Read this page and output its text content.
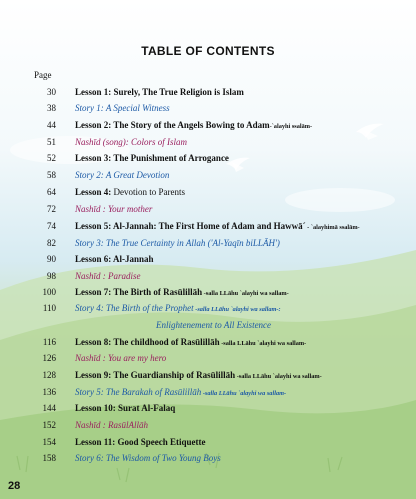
TABLE OF CONTENTS
Page
30 Lesson 1: Surely, The True Religion is Islam
38 Story 1: A Special Witness
44 Lesson 2: The Story of the Angels Bowing to Adam-`alayhi ssalām-
51 Nashīd (song): Colors of Islam
52 Lesson 3: The Punishment of Arrogance
58 Story 2: A Great Devotion
64 Lesson 4: Devotion to Parents
72 Nashīd : Your mother
74 Lesson 5: Al-Jannah: The First Home of Adam and Hawwā´ - `alayhimā ssalām-
82 Story 3: The True Certainty in Allah ('Al-Yaqīn biLLĀH')
90 Lesson 6: Al-Jannah
98 Nashīd : Paradise
100 Lesson 7: The Birth of Rasūlillāh -salla LLāhu `alayhi wa sallam-
110 Story 4: The Birth of the Prophet -salla LLāhu `alayhi wa sallam-:
Enlightenement to All Existence
116 Lesson 8: The childhood of Rasūlillāh -salla LLāhu `alayhi wa sallam-
126 Nashīd : You are my hero
128 Lesson 9: The Guardianship of Rasūlillāh -salla LLāhu `alayhi wa sallam-
136 Story 5: The Barakah of Rasūlillāh -salla LLāhu `alayhi wa sallam-
144 Lesson 10: Surat Al-Falaq
152 Nashīd : RasūlAllāh
154 Lesson 11: Good Speech Etiquette
158 Story 6: The Wisdom of Two Young Boys
28
